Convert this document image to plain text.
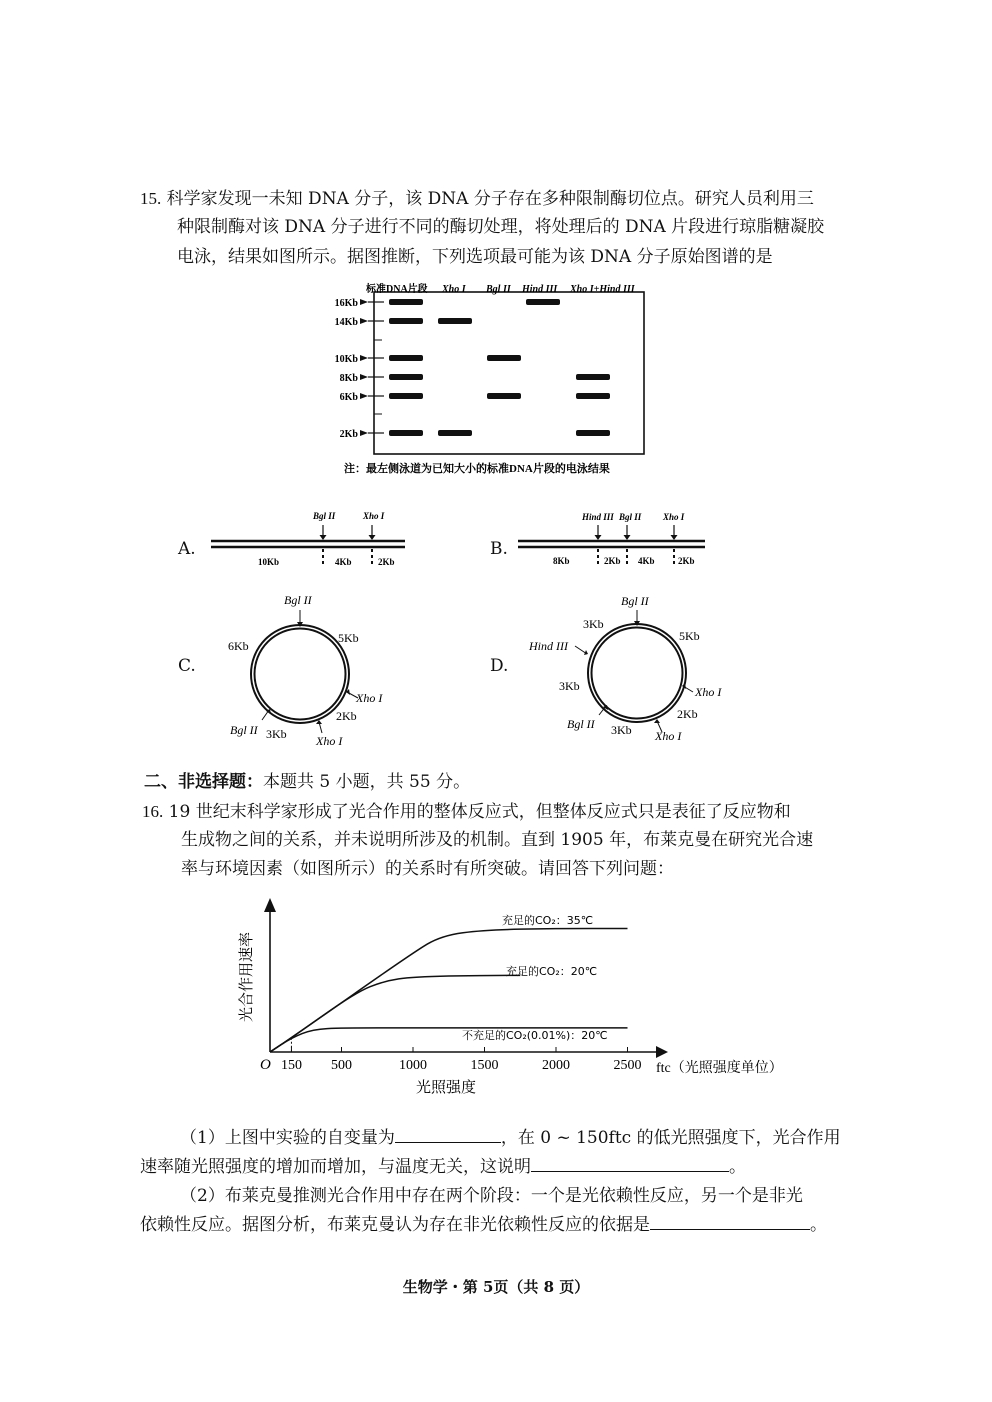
15. 科学家发现一未知 DNA 分子，该 DNA 分子存在多种限制酶切位点。研究人员利用三
种限制酶对该 DNA 分子进行不同的酶切处理，将处理后的 DNA 片段进行琼脂糖凝胶
电泳，结果如图所示。据图推断，下列选项最可能为该 DNA 分子原始图谱的是
标准DNA片段 Xho I Bgl II Hind III Xho I+Hind III
16Kb
14Kb
10Kb
8Kb
6Kb
2Kb
注：最左侧泳道为已知大小的标准DNA片段的电泳结果
A.
Bgl II	Xho I
10Kb	4Kb	2Kb
B.
Hind III Bgl II Xho I
8Kb	2Kb 4Kb	2Kb
C.
Bgl II
Xho I
Bgl II
Xho I
6Kb
5Kb
2Kb
3Kb
D.
Bgl II
Hind III
Xho I
Bgl II
Xho I
3Kb
5Kb
3Kb
2Kb
3Kb
二、非选择题：本题共 5 小题，共 55 分。
16. 19 世纪末科学家形成了光合作用的整体反应式，但整体反应式只是表征了反应物和
生成物之间的关系，并未说明所涉及的机制。直到 1905 年，布莱克曼在研究光合速
率与环境因素（如图所示）的关系时有所突破。请回答下列问题：
O
光合作用速率
光照强度
ftc（光照强度单位）
150 500	1000	1500	2000	2500
充足的CO₂：35℃
充足的CO₂：20℃
不充足的CO₂(0.01%)：20℃
（1）上图中实验的自变量为	，在 0 ~ 150ftc 的低光照强度下，光合作用
速率随光照强度的增加而增加，与温度无关，这说明	。
（2）布莱克曼推测光合作用中存在两个阶段：一个是光依赖性反应，另一个是非光
依赖性反应。据图分析，布莱克曼认为存在非光依赖性反应的依据是	。
生物学・第 5页（共 8 页）
